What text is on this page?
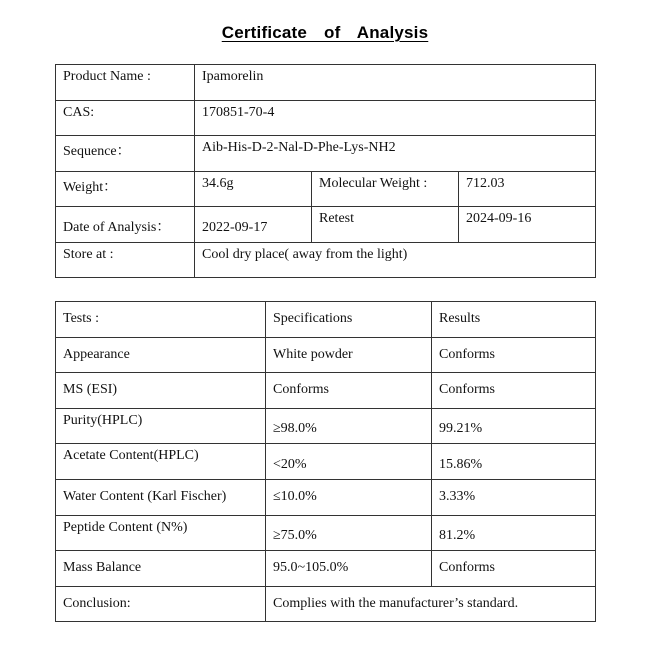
Certificate of Analysis
Product Name :	Ipamorelin		
CAS:	170851-70-4		
Sequence：	Aib-His-D-2-Nal-D-Phe-Lys-NH2		
Weight：	34.6g	Molecular Weight :	712.03
Date of Analysis：	2022-09-17	Retest	2024-09-16
Store at :	Cool dry place( away from the light)		
Tests :	Specifications	Results
Appearance	White powder	Conforms
MS (ESI)	Conforms	Conforms
Purity(HPLC)	≥98.0%	99.21%
Acetate Content(HPLC)	<20%	15.86%
Water Content (Karl Fischer)	≤10.0%	3.33%
Peptide Content (N%)	≥75.0%	81.2%
Mass Balance	95.0~105.0%	Conforms
Conclusion:	Complies with the manufacturer’s standard.	
